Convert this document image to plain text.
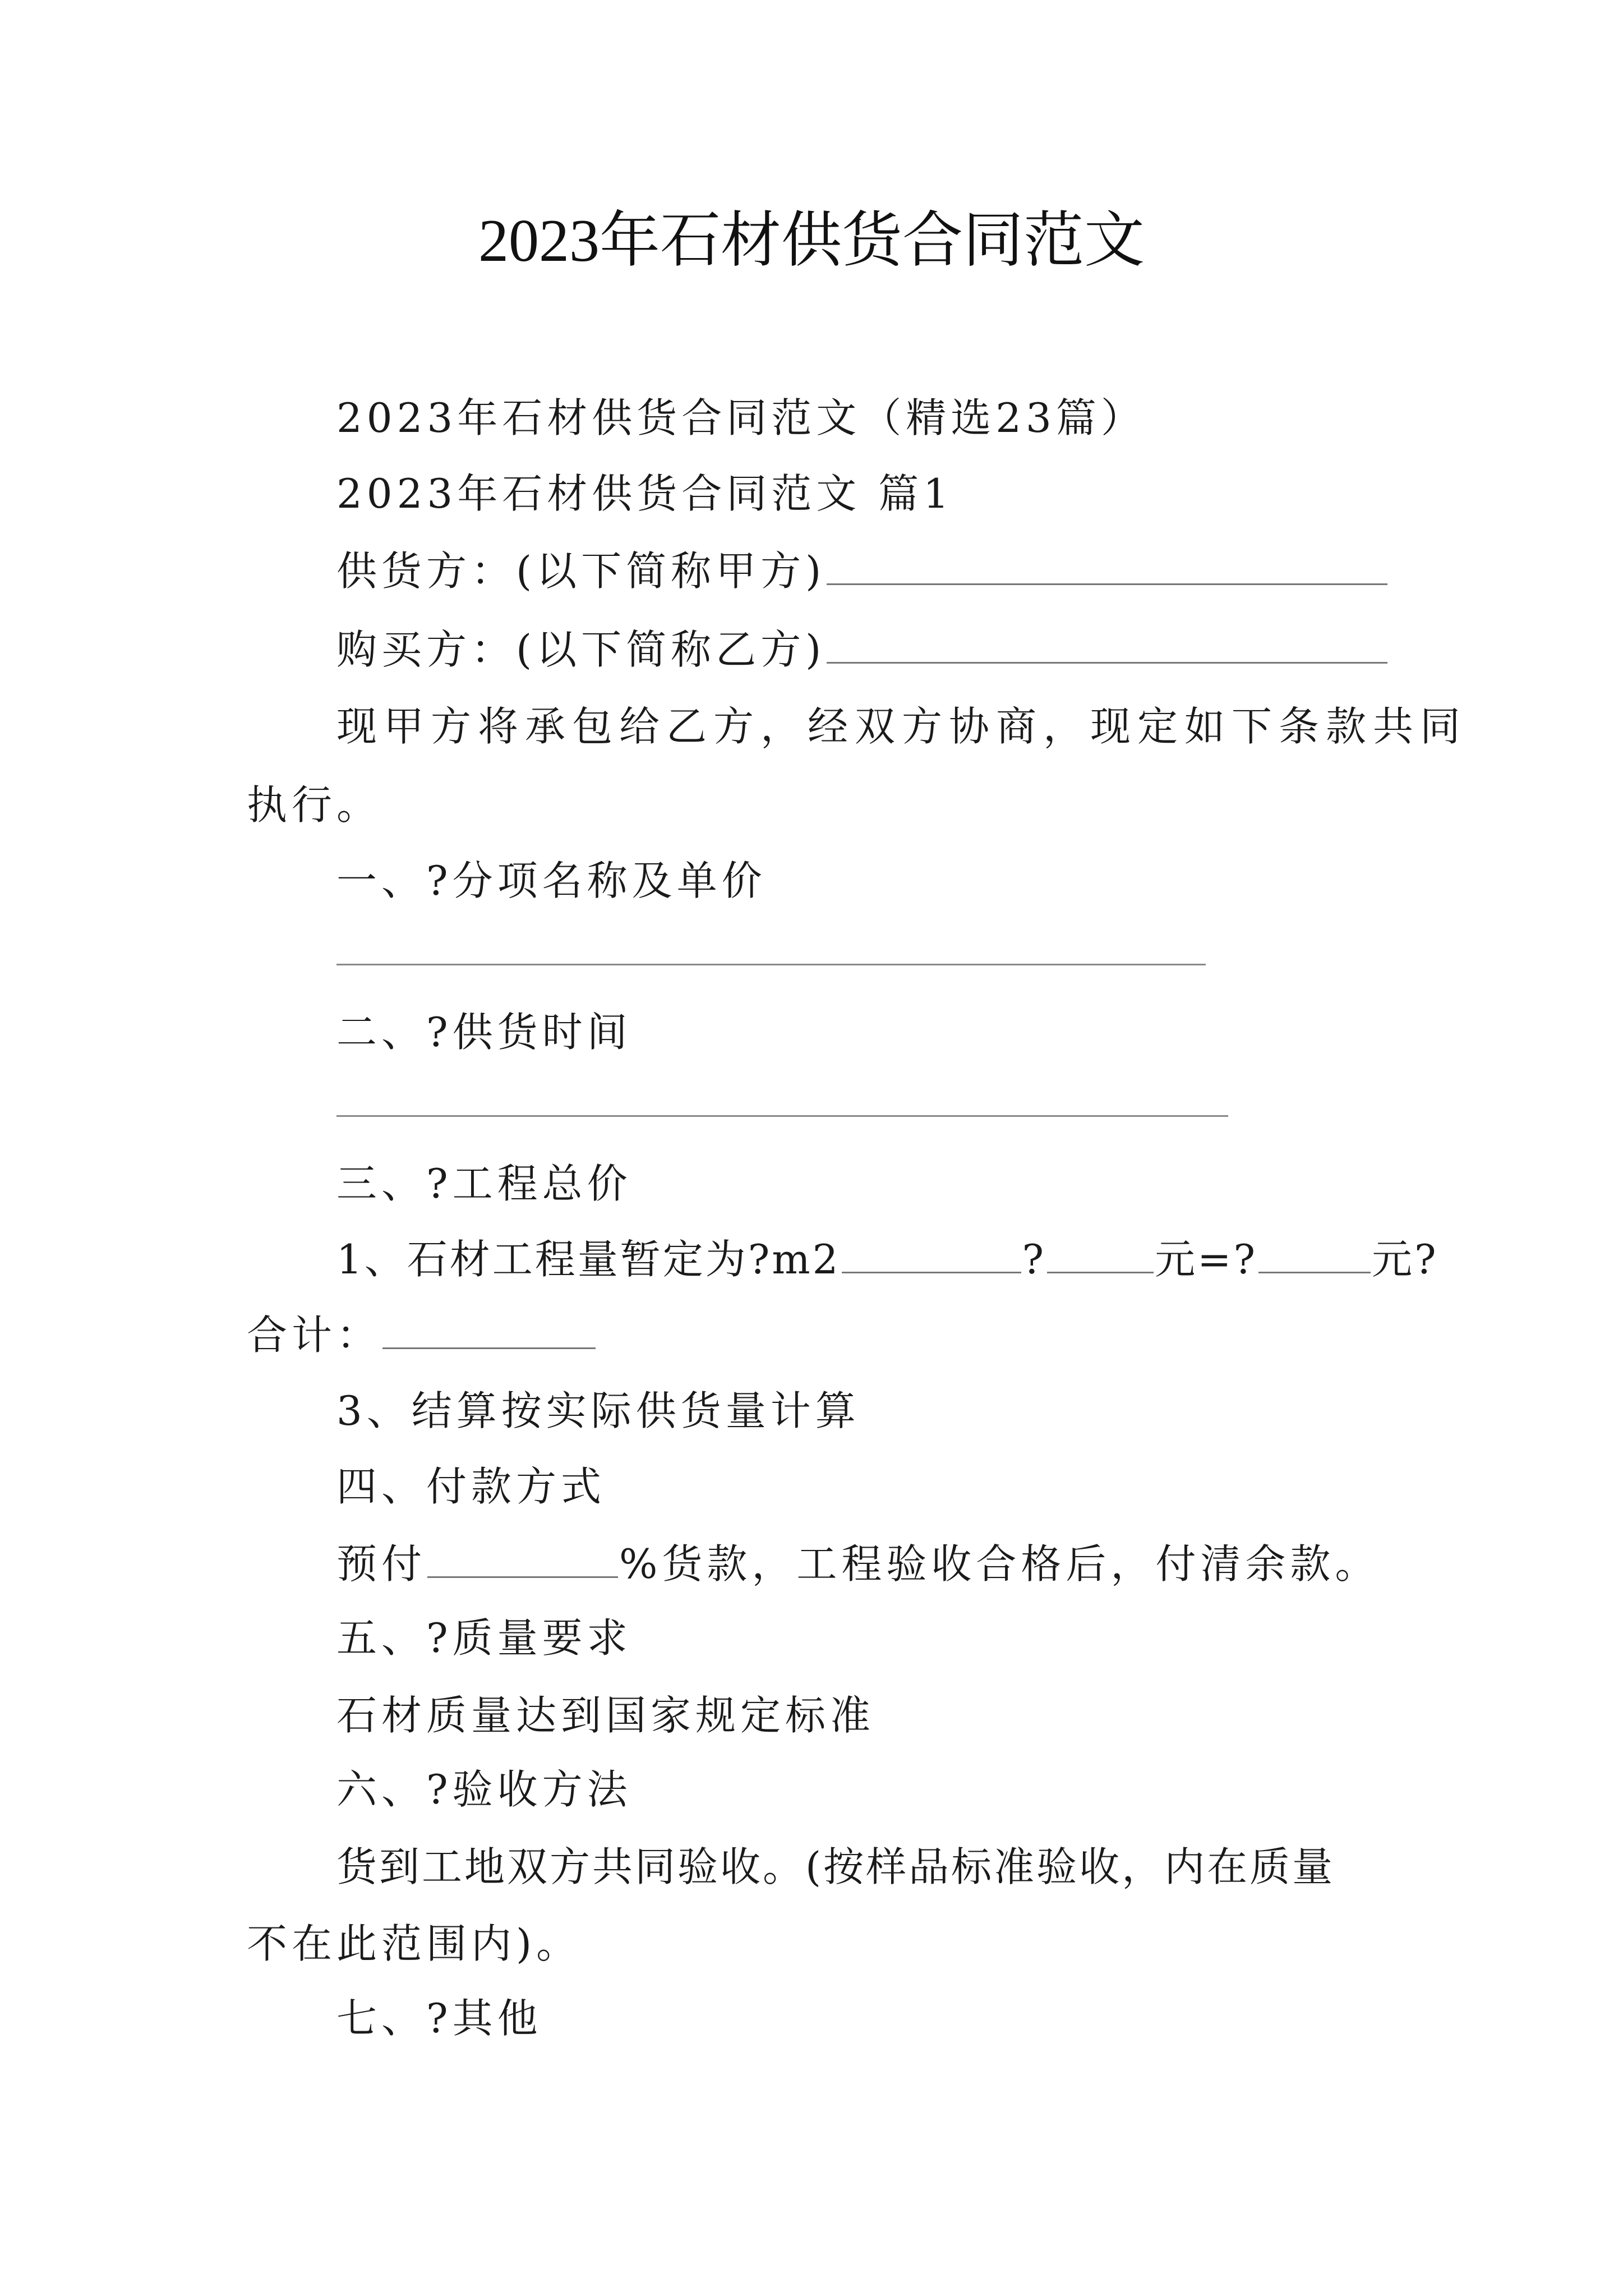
2023年石材供货合同范文
2023年石材供货合同范文（精选23篇）
2023年石材供货合同范文 篇1
供货方：(以下简称甲方)
购买方：(以下简称乙方)
现甲方将承包给乙方，经双方协商，现定如下条款共同
执行。
一、?分项名称及单价
二、?供货时间
三、?工程总价
1、石材工程量暂定为?m2	?	元=?	元?
合计：
3、结算按实际供货量计算
四、付款方式
预付	%货款，工程验收合格后，付清余款。
五、?质量要求
石材质量达到国家规定标准
六、?验收方法
货到工地双方共同验收。(按样品标准验收，内在质量
不在此范围内)。
七、?其他
